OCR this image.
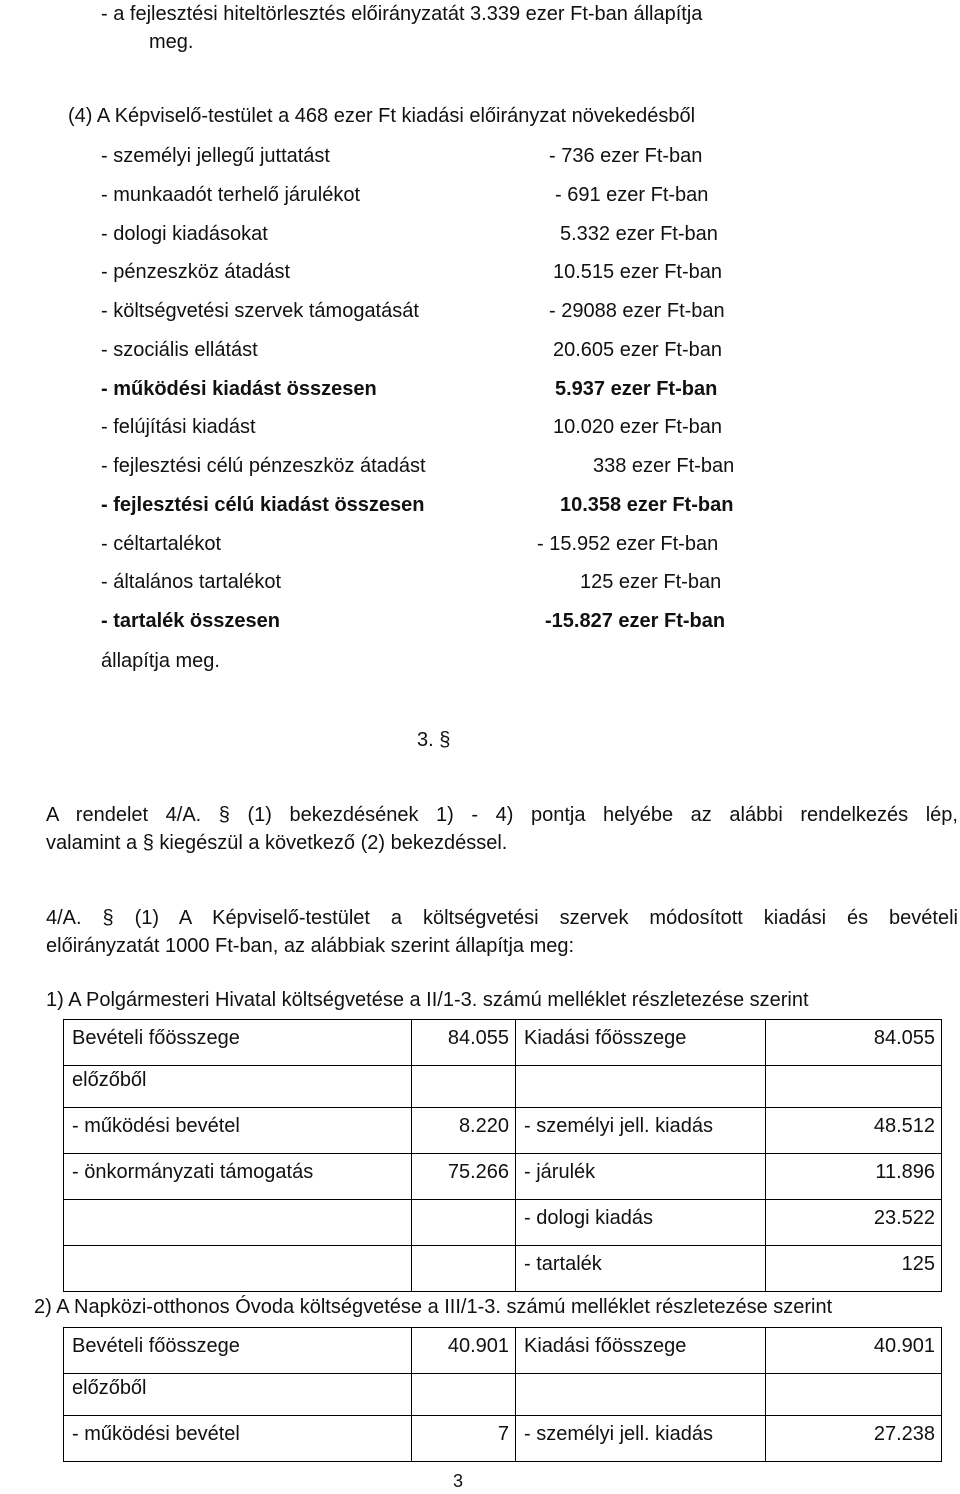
- a fejlesztési hiteltörlesztés előirányzatát 3.339 ezer Ft-ban állapítja
meg.
(4) A Képviselő-testület a 468 ezer Ft kiadási előirányzat növekedésből
- személyi jellegű juttatást	- 736 ezer Ft-ban
- munkaadót terhelő járulékot	- 691 ezer Ft-ban
- dologi kiadásokat	5.332 ezer Ft-ban
- pénzeszköz átadást	10.515 ezer Ft-ban
- költségvetési szervek támogatását	- 29088 ezer Ft-ban
- szociális ellátást	20.605 ezer Ft-ban
- működési kiadást összesen	5.937 ezer Ft-ban
- felújítási kiadást	10.020 ezer Ft-ban
- fejlesztési célú pénzeszköz átadást	338 ezer Ft-ban
- fejlesztési célú kiadást összesen	10.358 ezer Ft-ban
- céltartalékot	- 15.952 ezer Ft-ban
- általános tartalékot	125 ezer Ft-ban
- tartalék összesen	-15.827 ezer Ft-ban
állapítja meg.
3. §
A rendelet 4/A. § (1) bekezdésének 1) - 4) pontja helyébe az alábbi rendelkezés lép,
valamint a § kiegészül a következő (2) bekezdéssel.
4/A. § (1) A Képviselő-testület a költségvetési szervek módosított kiadási és bevételi
előirányzatát 1000 Ft-ban, az alábbiak szerint állapítja meg:
1) A Polgármesteri Hivatal költségvetése a II/1-3. számú melléklet részletezése szerint
Bevételi főösszege	84.055	Kiadási főösszege	84.055
előzőből			
- működési bevétel	8.220	- személyi jell. kiadás	48.512
- önkormányzati támogatás	75.266	- járulék	11.896
		- dologi kiadás	23.522
		- tartalék	125
2) A Napközi-otthonos Óvoda költségvetése a III/1-3. számú melléklet részletezése szerint
Bevételi főösszege	40.901	Kiadási főösszege	40.901
előzőből			
- működési bevétel	7	- személyi jell. kiadás	27.238
3
